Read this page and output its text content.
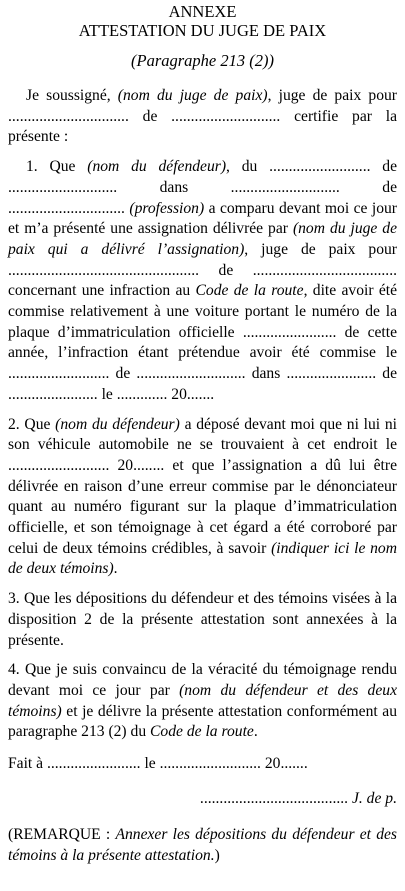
ANNEXE

ATTESTATION DU JUGE DE PAIX

(Paragraphe 213 (2))

Je soussigné, (nom du juge de paix), juge de paix pour ............................... de ............................ certifie par la présente :

1. Que (nom du défendeur), du .......................... de ............................ dans ............................ de .............................. (profession) a comparu devant moi ce jour et m’a présenté une assignation délivrée par (nom du juge de paix qui a délivré l’assignation), juge de paix pour ................................................. de ..................................... concernant une infraction au Code de la route, dite avoir été commise relativement à une voiture portant le numéro de la plaque d’immatriculation officielle ........................ de cette année, l’infraction étant prétendue avoir été commise le .......................... de ............................ dans ....................... de ....................... le ............. 20.......

2. Que (nom du défendeur) a déposé devant moi que ni lui ni son véhicule automobile ne se trouvaient à cet endroit le .......................... 20........ et que l’assignation a dû lui être délivrée en raison d’une erreur commise par le dénonciateur quant au numéro figurant sur la plaque d’immatriculation officielle, et son témoignage à cet égard a été corroboré par celui de deux témoins crédibles, à savoir (indiquer ici le nom de deux témoins).

3. Que les dépositions du défendeur et des témoins visées à la disposition 2 de la présente attestation sont annexées à la présente.

4. Que je suis convaincu de la véracité du témoignage rendu devant moi ce jour par (nom du défendeur et des deux témoins) et je délivre la présente attestation conformément au paragraphe 213 (2) du Code de la route.

Fait à ........................ le .......................... 20.......

...................................... J. de p.

(REMARQUE : Annexer les dépositions du défendeur et des témoins à la présente attestation.)
